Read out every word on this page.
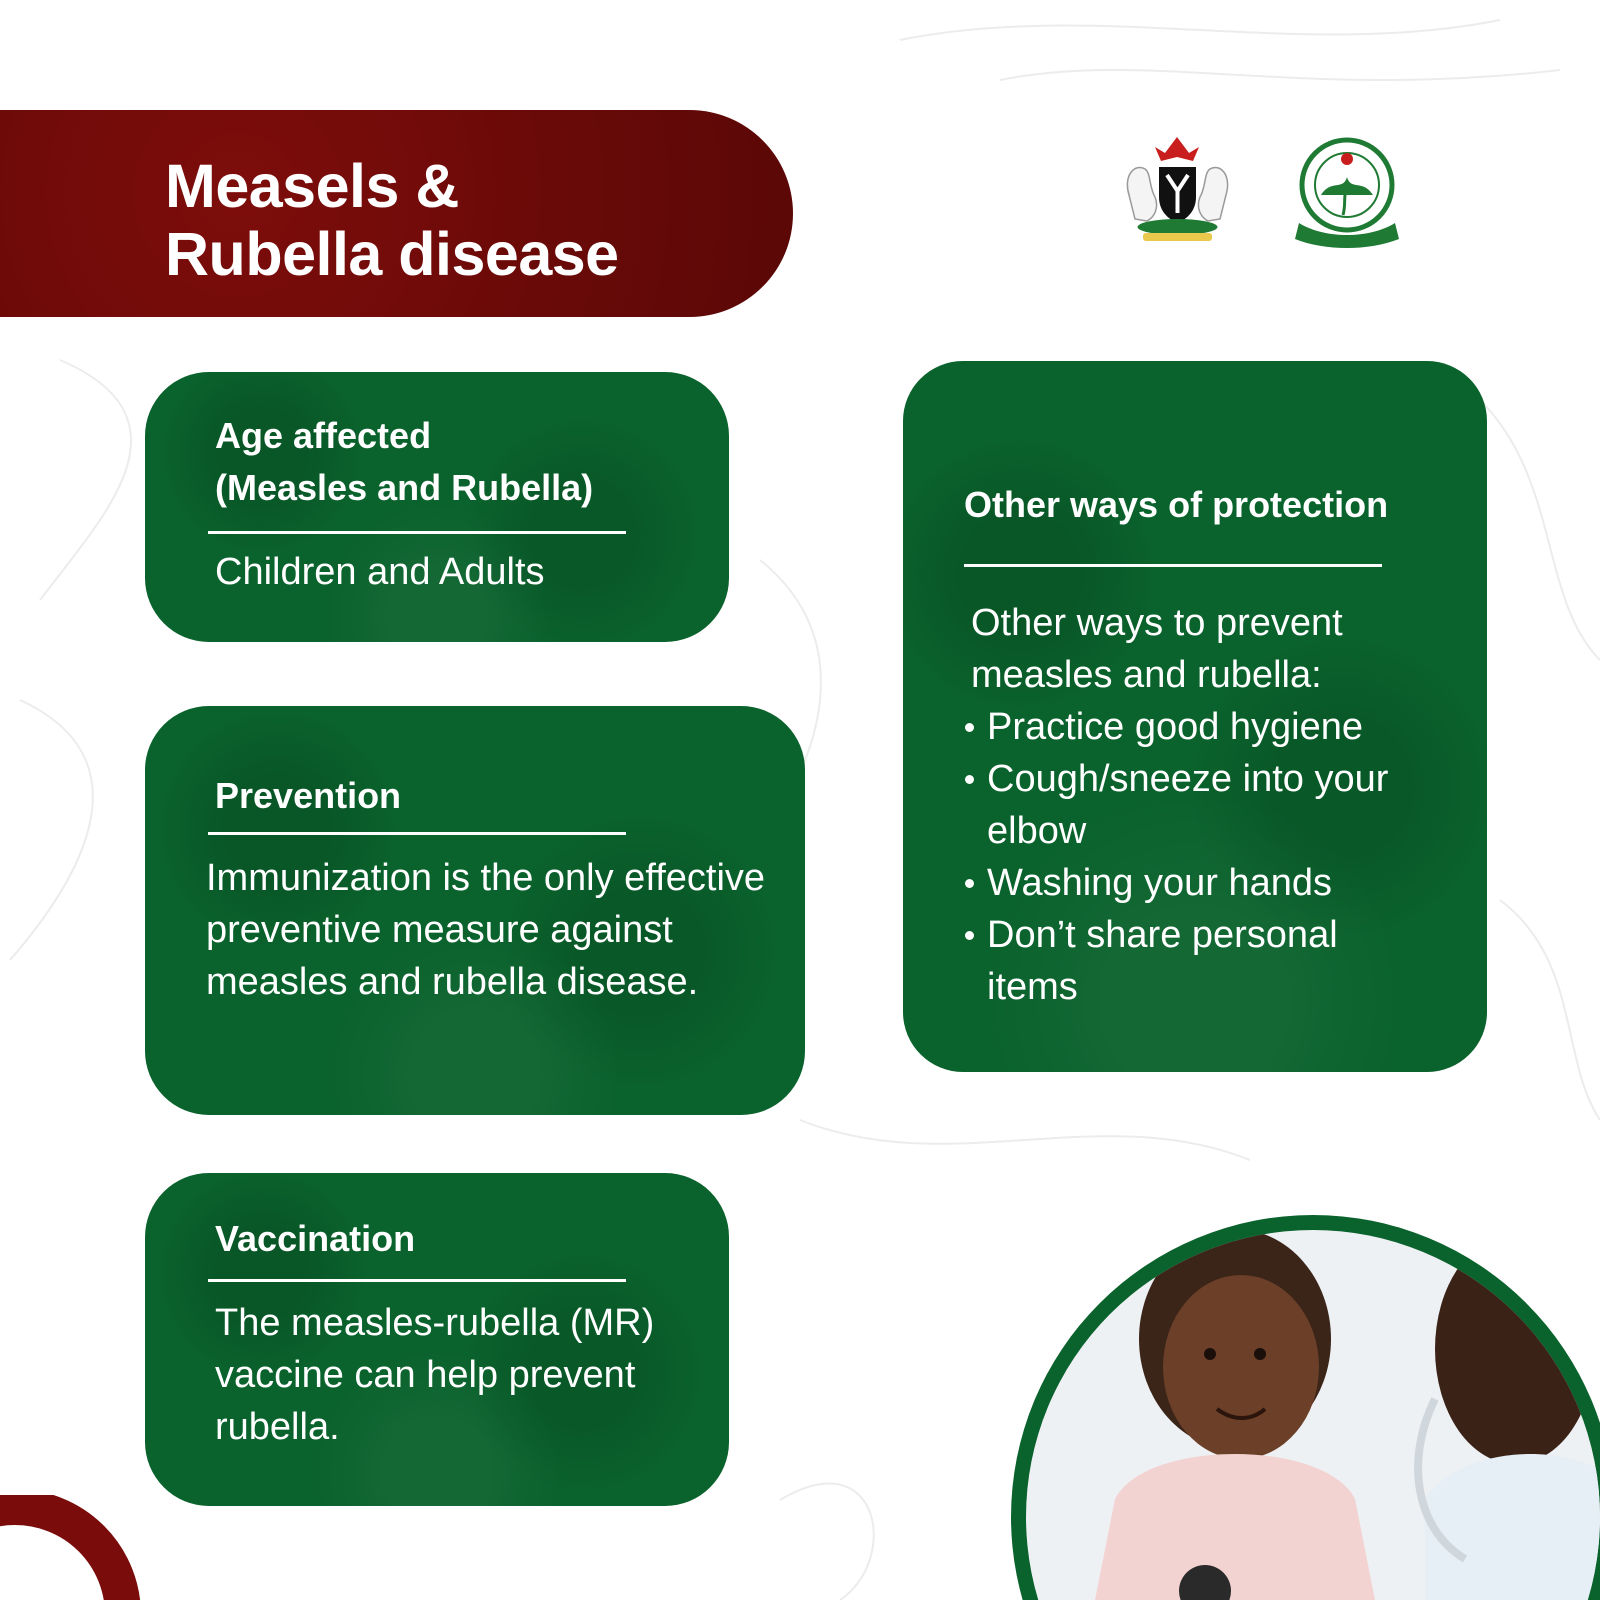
Measels &
Rubella disease

Age affected
(Measles and Rubella)
Children and Adults
Prevention
Immunization is the only effective preventive measure against measles and rubella disease.
Vaccination
The measles-rubella (MR) vaccine can help prevent rubella.
Other ways of protection
Other ways to prevent measles and rubella:
Practice good hygiene
Cough/sneeze into your elbow
Washing your hands
Don’t share personal items
